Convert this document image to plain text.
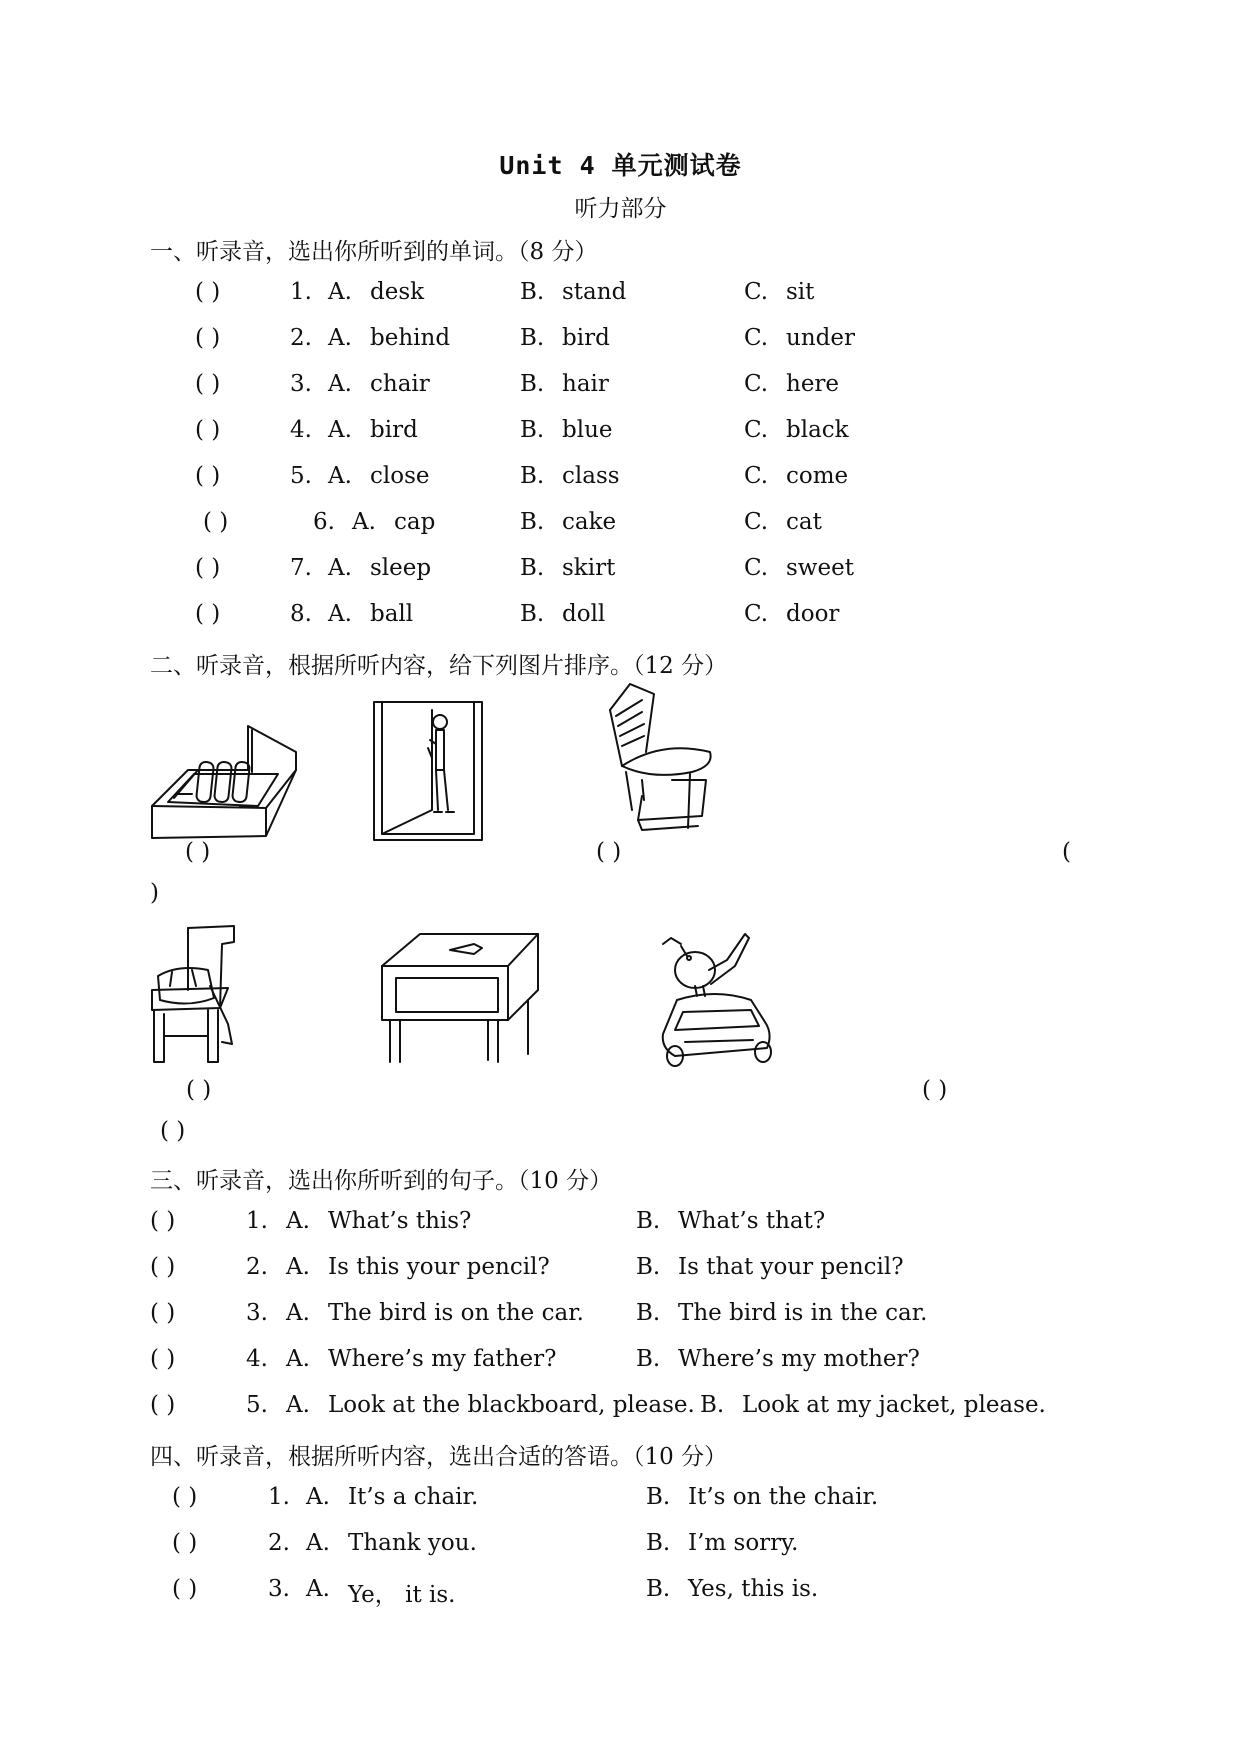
Unit 4 单元测试卷
听力部分
一、听录音，选出你所听到的单词。（8 分）
( )	1. A. desk	B. stand	C. sit
( )	2. A. behind	B. bird	C. under
( )	3. A. chair	B. hair	C. here
( )	4. A. bird	B. blue	C. black
( )	5. A. close	B. class	C. come
( )	6. A. cap	B. cake	C. cat
( )	7. A. sleep	B. skirt	C. sweet
( )	8. A. ball	B. doll	C. door
二、听录音，根据所听内容，给下列图片排序。（12 分）
( )	( )	(
)
( )	( )
( )
三、听录音，选出你所听到的句子。（10 分）
( )	1. A. What’s this?	B. What’s that?
( )	2. A. Is this your pencil?	B. Is that your pencil?
( )	3. A. The bird is on the car. B. The bird is in the car.
( )	4. A. Where’s my father?	B. Where’s my mother?
( )	5. A. Look at the blackboard, please. B. Look at my jacket, please.
四、听录音，根据所听内容，选出合适的答语。（10 分）
( )	1. A. It’s a chair.	B. It’s on the chair.
( )	2. A. Thank you.	B. I’m sorry.
( )	3. A. Ye， it is.	B. Yes, this is.
